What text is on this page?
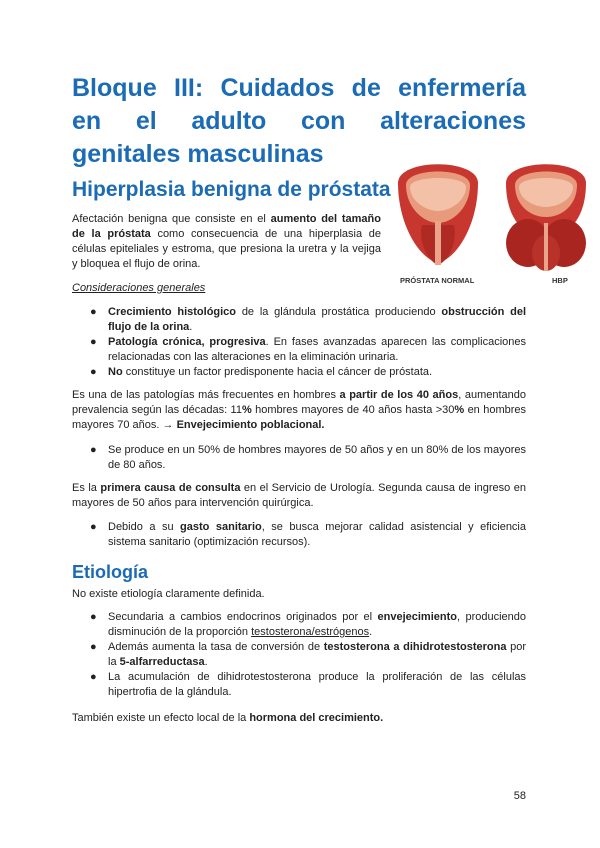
Bloque III: Cuidados de enfermería
en el adulto con alteraciones
genitales masculinas
Hiperplasia benigna de próstata

Afectación benigna que consiste en el aumento del tamaño de la próstata como consecuencia de una hiperplasia de células epiteliales y estroma, que presiona la uretra y la vejiga y bloquea el flujo de orina.

PRÓSTATA NORMAL	HBP

Consideraciones generales

● Crecimiento histológico de la glándula prostática produciendo obstrucción del flujo de la orina.
● Patología crónica, progresiva. En fases avanzadas aparecen las complicaciones relacionadas con las alteraciones en la eliminación urinaria.
● No constituye un factor predisponente hacia el cáncer de próstata.

Es una de las patologías más frecuentes en hombres a partir de los 40 años, aumentando prevalencia según las décadas: 11% hombres mayores de 40 años hasta >30% en hombres mayores 70 años. → Envejecimiento poblacional.

● Se produce en un 50% de hombres mayores de 50 años y en un 80% de los mayores de 80 años.

Es la primera causa de consulta en el Servicio de Urología. Segunda causa de ingreso en mayores de 50 años para intervención quirúrgica.

● Debido a su gasto sanitario, se busca mejorar calidad asistencial y eficiencia sistema sanitario (optimización recursos).
Etiología

No existe etiología claramente definida.

● Secundaria a cambios endocrinos originados por el envejecimiento, produciendo disminución de la proporción testosterona/estrógenos.
● Además aumenta la tasa de conversión de testosterona a dihidrotestosterona por la 5-alfarreductasa.
● La acumulación de dihidrotestosterona produce la proliferación de las células hipertrofia de la glándula.

También existe un efecto local de la hormona del crecimiento.

58
